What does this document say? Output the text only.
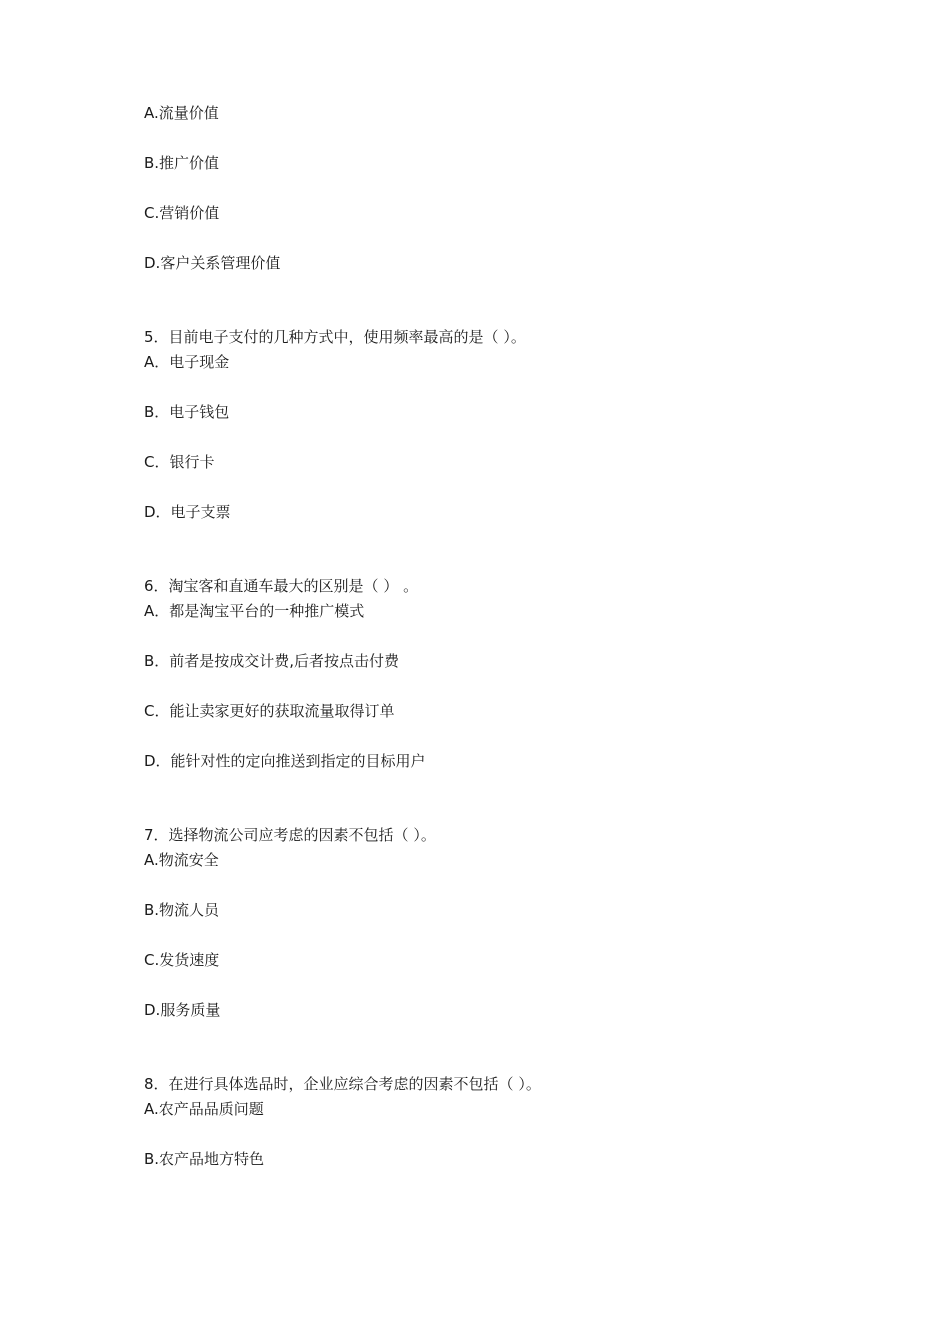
A.流量价值
B.推广价值
C.营销价值
D.客户关系管理价值
5．目前电子支付的几种方式中，使用频率最高的是（ ）。
A．电子现金
B．电子钱包
C．银行卡
D．电子支票
6．淘宝客和直通车最大的区别是（ ） 。
A．都是淘宝平台的一种推广模式
B．前者是按成交计费,后者按点击付费
C．能让卖家更好的获取流量取得订单
D．能针对性的定向推送到指定的目标用户
7．选择物流公司应考虑的因素不包括（ ）。
A.物流安全
B.物流人员
C.发货速度
D.服务质量
8．在进行具体选品时，企业应综合考虑的因素不包括（ ）。
A.农产品品质问题
B.农产品地方特色
